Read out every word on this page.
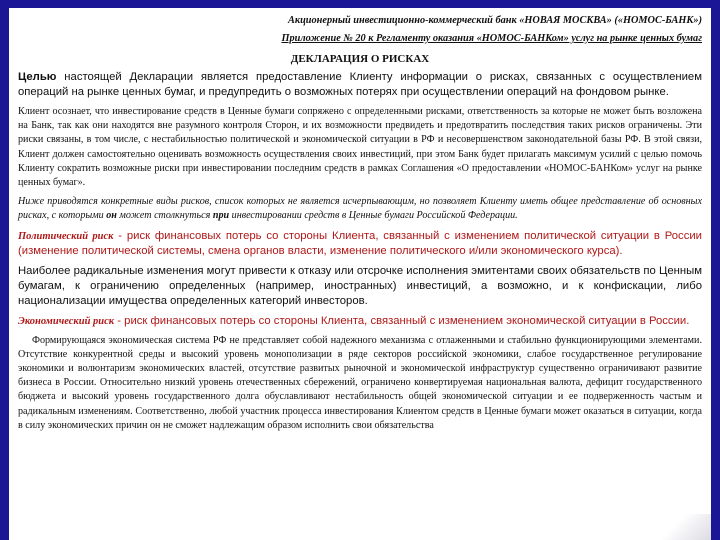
Акционерный инвестиционно-коммерческий банк «НОВАЯ МОСКВА» («НОМОС-БАНК»)

Приложение № 20 к Регламенту оказания «НОМОС-БАНКом» услуг на рынке ценных бумаг

ДЕКЛАРАЦИЯ О РИСКАХ

Целью настоящей Декларации является предоставление Клиенту информации о рисках, связанных с осуществлением операций на рынке ценных бумаг, и предупредить о возможных потерях при осуществлении операций на фондовом рынке.

Клиент осознает, что инвестирование средств в Ценные бумаги сопряжено с определенными рисками, ответственность за которые не может быть возложена на Банк, так как они находятся вне разумного контроля Сторон, и их возможности предвидеть и предотвратить последствия таких рисков ограничены. Эти риски связаны, в том числе, с нестабильностью политической и экономической ситуации в РФ и несовершенством законодательной базы РФ. В этой связи, Клиент должен самостоятельно оценивать возможность осуществления своих инвестиций, при этом Банк будет прилагать максимум усилий с целью помочь Клиенту сократить возможные риски при инвестировании последним средств в рамках Соглашения «О предоставлении «НОМОС-БАНКом» услуг на рынке ценных бумаг».

Ниже приводятся конкретные виды рисков, список которых не является исчерпывающим, но позволяет Клиенту иметь общее представление об основных рисках, с которыми он может столкнуться при инвестировании средств в Ценные бумаги Российской Федерации.

Политический риск - риск финансовых потерь со стороны Клиента, связанный с изменением политической ситуации в России (изменение политической системы, смена органов власти, изменение политического и/или экономического курса).

Наиболее радикальные изменения могут привести к отказу или отсрочке исполнения эмитентами своих обязательств по Ценным бумагам, к ограничению определенных (например, иностранных) инвестиций, а возможно, и к конфискации, либо национализации имущества определенных категорий инвесторов.

Экономический риск - риск финансовых потерь со стороны Клиента, связанный с изменением экономической ситуации в России.

Формирующаяся экономическая система РФ не представляет собой надежного механизма с отлаженными и стабильно функционирующими элементами. Отсутствие конкурентной среды и высокий уровень монополизации в ряде секторов российской экономики, слабое государственное регулирование экономики и волюнтаризм экономических властей, отсутствие развитых рыночной и экономической инфраструктур существенно ограничивают развитие бизнеса в России. Относительно низкий уровень отечественных сбережений, ограничено конвертируемая национальная валюта, дефицит государственного бюджета и высокий уровень государственного долга обуславливают нестабильность общей экономической ситуации и ее подверженность частым и радикальным изменениям. Соответственно, любой участник процесса инвестирования Клиентом средств в Ценные бумаги может оказаться в ситуации, когда в силу экономических причин он не сможет надлежащим образом исполнить свои обязательства
